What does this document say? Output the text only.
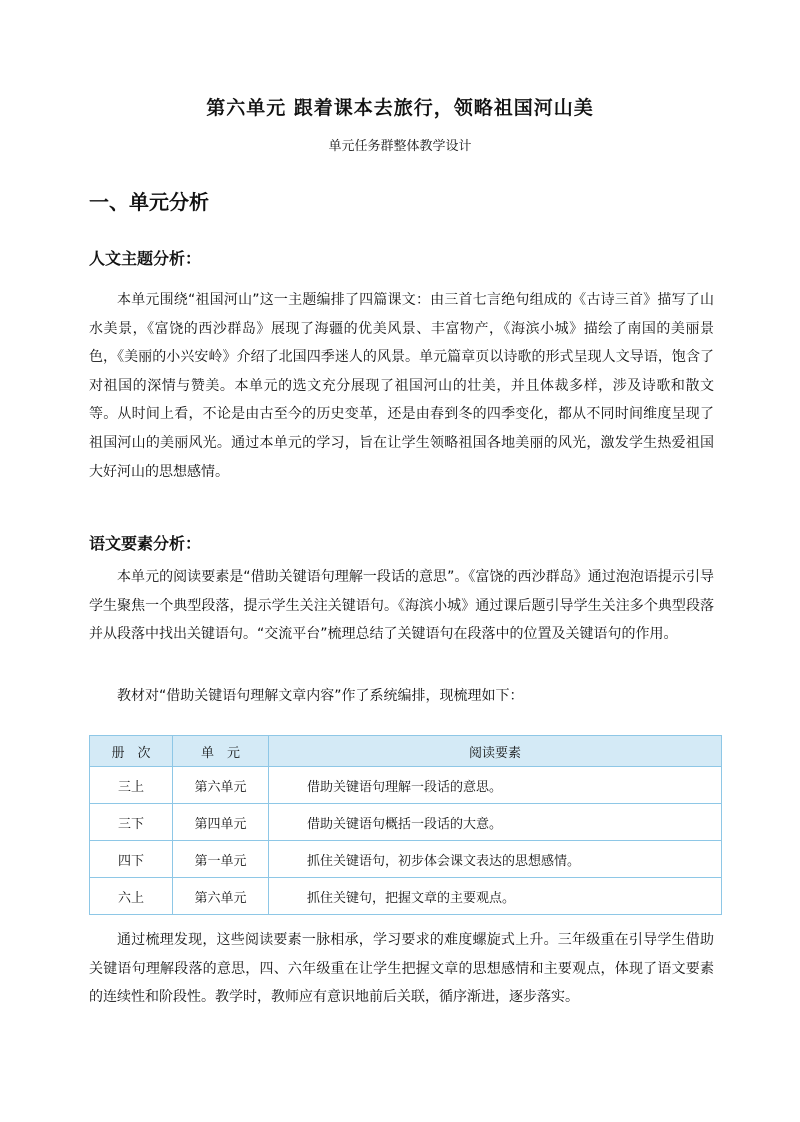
第六单元 跟着课本去旅行，领略祖国河山美
单元任务群整体教学设计
一、单元分析
人文主题分析：

本单元围绕“祖国河山”这一主题编排了四篇课文：由三首七言绝句组成的《古诗三首》描写了山水美景，《富饶的西沙群岛》展现了海疆的优美风景、丰富物产，《海滨小城》描绘了南国的美丽景色，《美丽的小兴安岭》介绍了北国四季迷人的风景。单元篇章页以诗歌的形式呈现人文导语，饱含了对祖国的深情与赞美。本单元的选文充分展现了祖国河山的壮美，并且体裁多样，涉及诗歌和散文等。从时间上看，不论是由古至今的历史变革，还是由春到冬的四季变化，都从不同时间维度呈现了祖国河山的美丽风光。通过本单元的学习，旨在让学生领略祖国各地美丽的风光，激发学生热爱祖国大好河山的思想感情。

语文要素分析：

本单元的阅读要素是“借助关键语句理解一段话的意思”。《富饶的西沙群岛》通过泡泡语提示引导学生聚焦一个典型段落，提示学生关注关键语句。《海滨小城》通过课后题引导学生关注多个典型段落并从段落中找出关键语句。“交流平台”梳理总结了关键语句在段落中的位置及关键语句的作用。

教材对“借助关键语句理解文章内容”作了系统编排，现梳理如下：

册　次	单　元	阅读要素
三上	第六单元	借助关键语句理解一段话的意思。
三下	第四单元	借助关键语句概括一段话的大意。
四下	第一单元	抓住关键语句，初步体会课文表达的思想感情。
六上	第六单元	抓住关键句，把握文章的主要观点。

通过梳理发现，这些阅读要素一脉相承，学习要求的难度螺旋式上升。三年级重在引导学生借助关键语句理解段落的意思，四、六年级重在让学生把握文章的思想感情和主要观点，体现了语文要素的连续性和阶段性。教学时，教师应有意识地前后关联，循序渐进，逐步落实。
